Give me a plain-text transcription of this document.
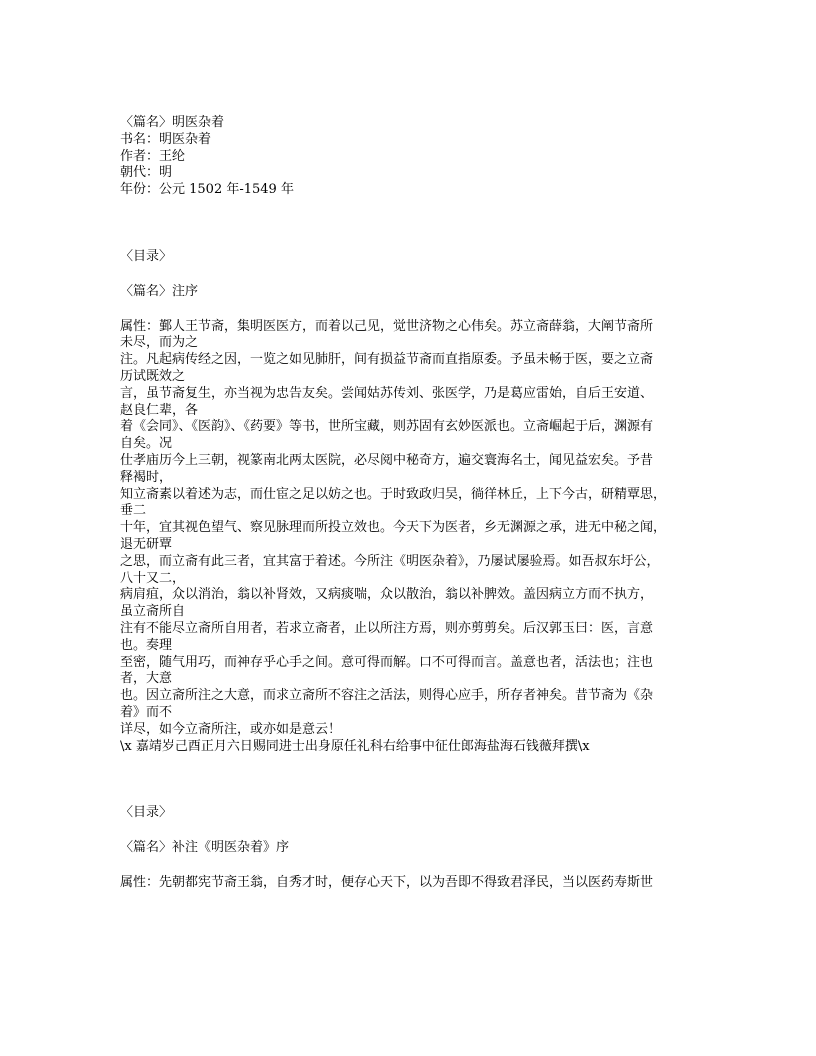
〈篇名〉明医杂着

书名：明医杂着

作者：王纶

朝代：明

年份：公元 1502 年-1549 年

〈目录〉

〈篇名〉注序

属性：鄞人王节斋，集明医医方，而着以己见，觉世济物之心伟矣。苏立斋薛翁，大阐节斋所

未尽，而为之

注。凡起病传经之因，一览之如见肺肝，间有损益节斋而直指原委。予虽未畅于医，要之立斋

历试既效之

言，虽节斋复生，亦当视为忠告友矣。尝闻姑苏传刘、张医学，乃是葛应雷始，自后王安道、

赵良仁辈，各

着《会同》、《医韵》、《药要》等书，世所宝藏，则苏固有玄妙医派也。立斋崛起于后，渊源有

自矣。况

仕孝庙历今上三朝，视篆南北两太医院，必尽阅中秘奇方，遍交寰海名士，闻见益宏矣。予昔

释褐时，

知立斋素以着述为志，而仕宦之足以妨之也。于时致政归吴，徜徉林丘，上下今古，研精覃思，

垂二

十年，宜其视色望气、察见脉理而所投立效也。今天下为医者，乡无渊源之承，进无中秘之闻，

退无研覃

之思，而立斋有此三者，宜其富于着述。今所注《明医杂着》，乃屡试屡验焉。如吾叔东圩公，

八十又二，

病肩疽，众以消治，翁以补肾效，又病痰喘，众以散治，翁以补脾效。盖因病立方而不执方，

虽立斋所自

注有不能尽立斋所自用者，若求立斋者，止以所注方焉，则亦剪剪矣。后汉郭玉曰：医，言意

也。奏理

至密，随气用巧，而神存乎心手之间。意可得而解。口不可得而言。盖意也者，活法也；注也

者，大意

也。因立斋所注之大意，而求立斋所不容注之活法，则得心应手，所存者神矣。昔节斋为《杂

着》而不

详尽，如今立斋所注，或亦如是意云！

\x 嘉靖岁己酉正月六日赐同进士出身原任礼科右给事中征仕郎海盐海石钱薇拜撰\x

〈目录〉

〈篇名〉补注《明医杂着》序

属性：先朝都宪节斋王翁，自秀才时，便存心天下，以为吾即不得致君泽民，当以医药寿斯世
